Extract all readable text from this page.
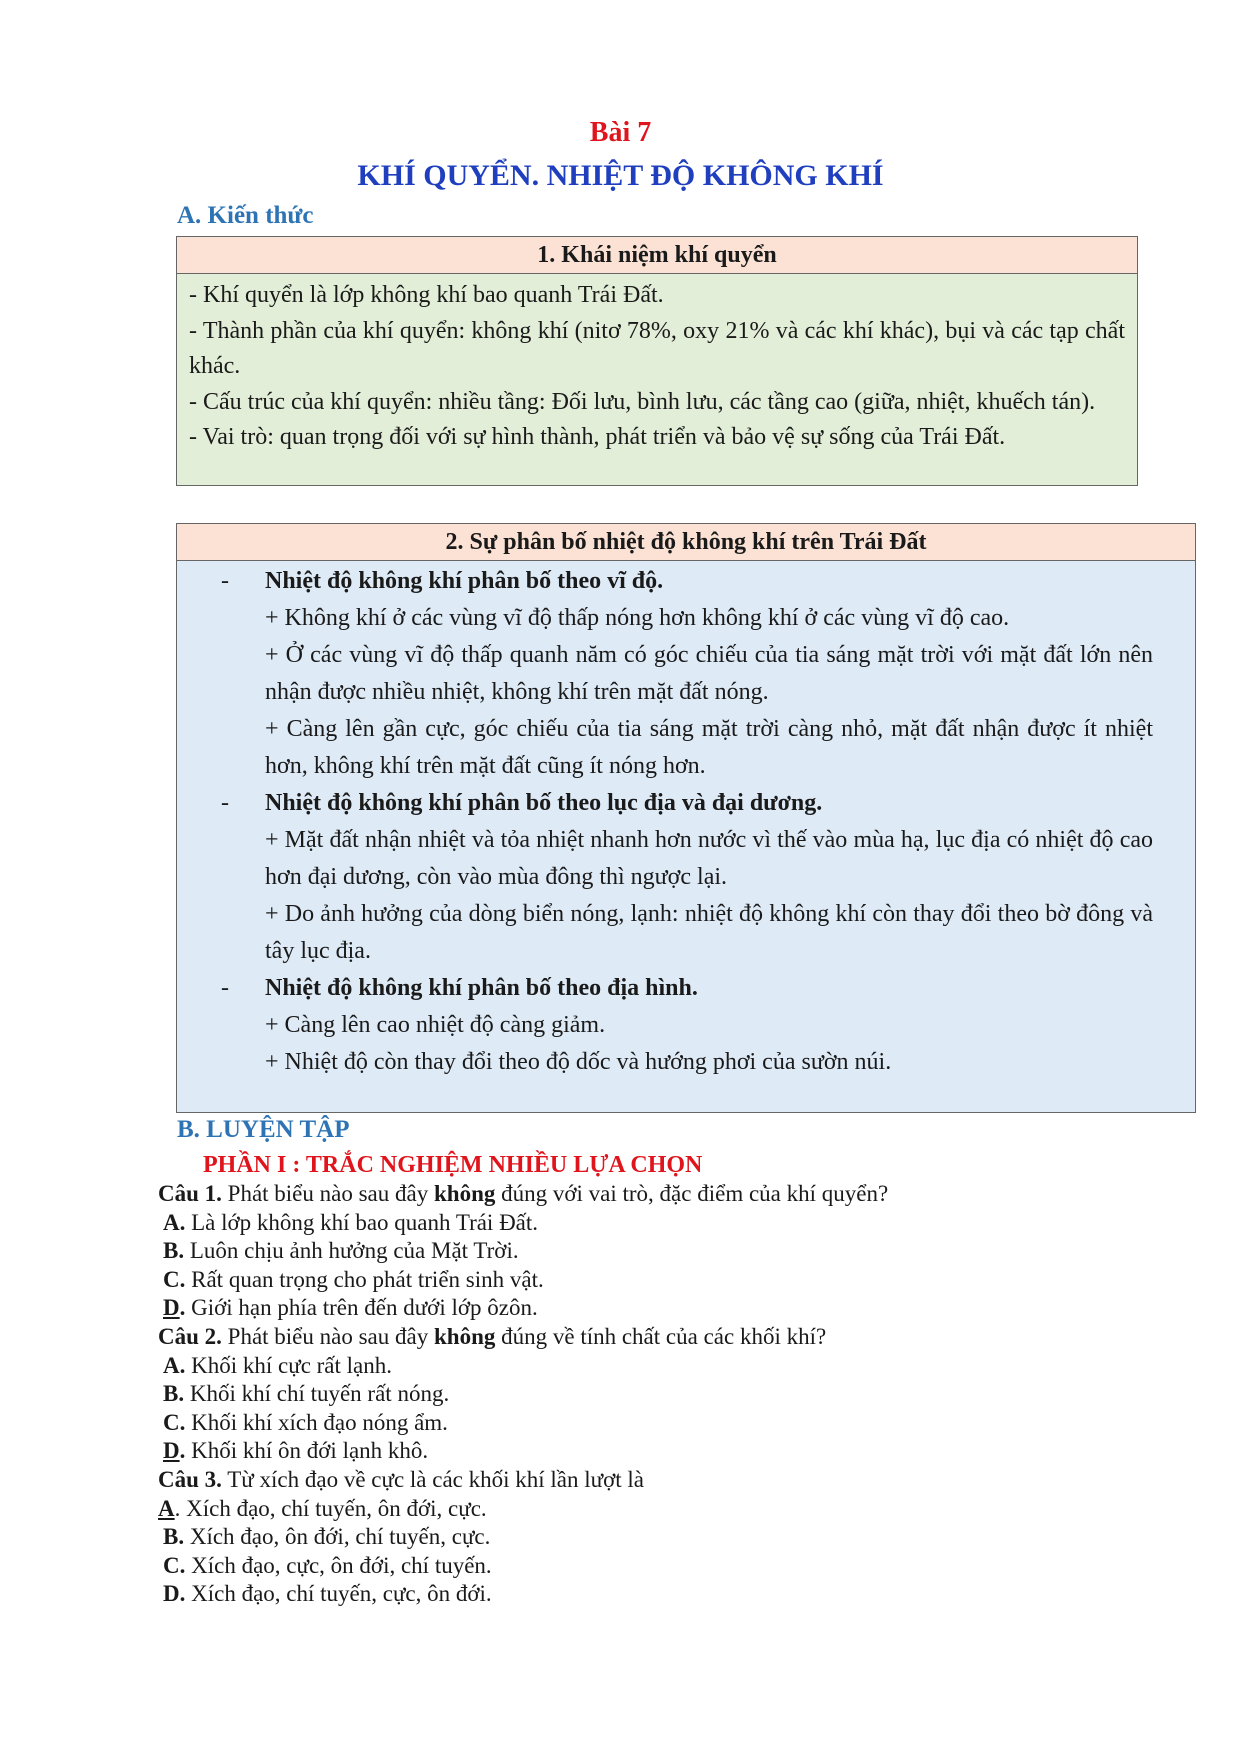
Bài 7
KHÍ QUYỂN. NHIỆT ĐỘ KHÔNG KHÍ
A. Kiến thức
1. Khái niệm khí quyển

- Khí quyển là lớp không khí bao quanh Trái Đất.

- Thành phần của khí quyển: không khí (nitơ 78%, oxy 21% và các khí khác), bụi và các tạp chất khác.

- Cấu trúc của khí quyển: nhiều tầng: Đối lưu, bình lưu, các tầng cao (giữa, nhiệt, khuếch tán).

- Vai trò: quan trọng đối với sự hình thành, phát triển và bảo vệ sự sống của Trái Đất.

2. Sự phân bố nhiệt độ không khí trên Trái Đất
- Nhiệt độ không khí phân bố theo vĩ độ.
+ Không khí ở các vùng vĩ độ thấp nóng hơn không khí ở các vùng vĩ độ cao.
+ Ở các vùng vĩ độ thấp quanh năm có góc chiếu của tia sáng mặt trời với mặt đất lớn nên nhận được nhiều nhiệt, không khí trên mặt đất nóng.
+ Càng lên gần cực, góc chiếu của tia sáng mặt trời càng nhỏ, mặt đất nhận được ít nhiệt hơn, không khí trên mặt đất cũng ít nóng hơn.
- Nhiệt độ không khí phân bố theo lục địa và đại dương.
+ Mặt đất nhận nhiệt và tỏa nhiệt nhanh hơn nước vì thế vào mùa hạ, lục địa có nhiệt độ cao hơn đại dương, còn vào mùa đông thì ngược lại.
+ Do ảnh hưởng của dòng biển nóng, lạnh: nhiệt độ không khí còn thay đổi theo bờ đông và tây lục địa.
- Nhiệt độ không khí phân bố theo địa hình.
+ Càng lên cao nhiệt độ càng giảm.
+ Nhiệt độ còn thay đổi theo độ dốc và hướng phơi của sườn núi.
B. LUYỆN TẬP
PHẦN I : TRẮC NGHIỆM NHIỀU LỰA CHỌN

Câu 1. Phát biểu nào sau đây không đúng với vai trò, đặc điểm của khí quyển?

A. Là lớp không khí bao quanh Trái Đất.

B. Luôn chịu ảnh hưởng của Mặt Trời.

C. Rất quan trọng cho phát triển sinh vật.

D. Giới hạn phía trên đến dưới lớp ôzôn.

Câu 2. Phát biểu nào sau đây không đúng về tính chất của các khối khí?

A. Khối khí cực rất lạnh.

B. Khối khí chí tuyến rất nóng.

C. Khối khí xích đạo nóng ẩm.

D. Khối khí ôn đới lạnh khô.

Câu 3. Từ xích đạo về cực là các khối khí lần lượt là

A. Xích đạo, chí tuyến, ôn đới, cực.

B. Xích đạo, ôn đới, chí tuyến, cực.

C. Xích đạo, cực, ôn đới, chí tuyến.

D. Xích đạo, chí tuyến, cực, ôn đới.
